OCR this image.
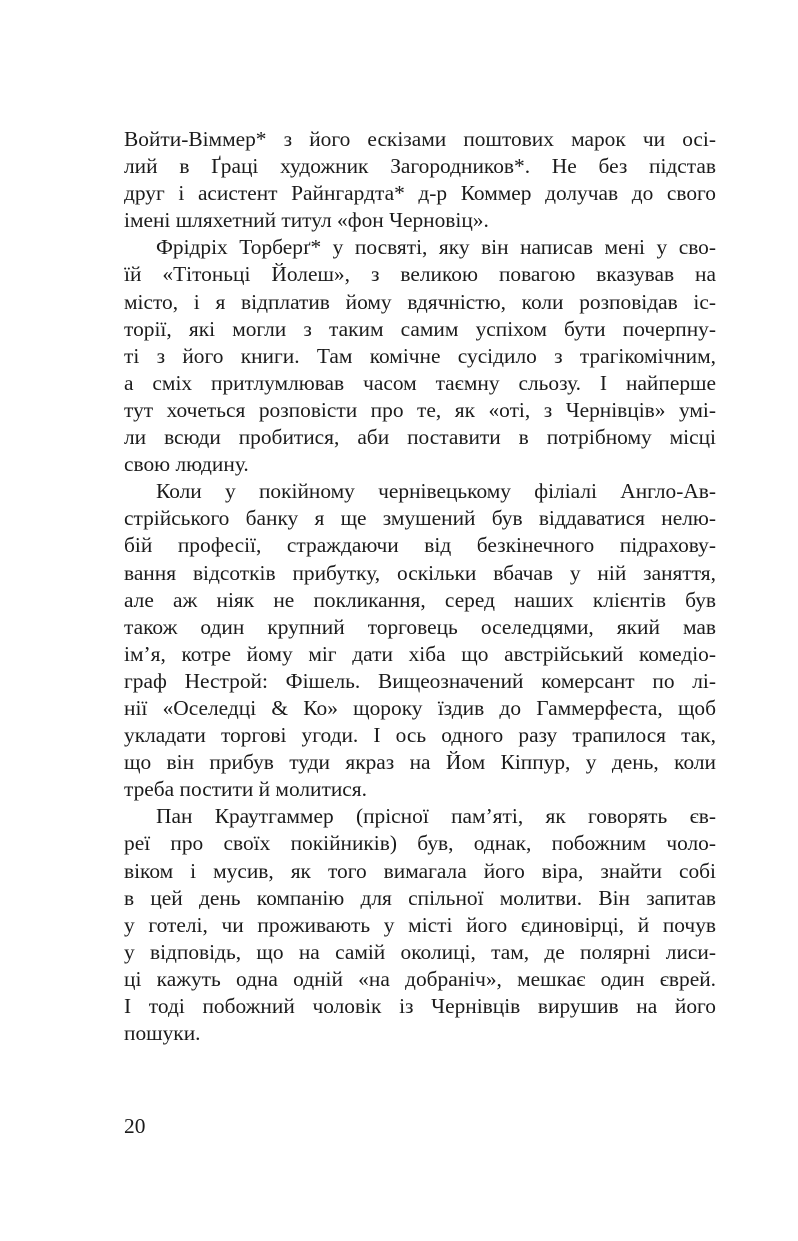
Войти-Віммер* з його ескізами поштових марок чи осі-
лий в Ґраці художник Загородников*. Не без підстав
друг і асистент Райнгардта* д-р Коммер долучав до свого
імені шляхетний титул «фон Черновіц».

Фрідріх Торберґ* у посвяті, яку він написав мені у сво-
їй «Тітоньці Йолеш», з великою повагою вказував на
місто, і я відплатив йому вдячністю, коли розповідав іс-
торії, які могли з таким самим успіхом бути почерпну-
ті з його книги. Там комічне сусідило з трагікомічним,
а сміх притлумлював часом таємну сльозу. І найперше
тут хочеться розповісти про те, як «оті, з Чернівців» умі-
ли всюди пробитися, аби поставити в потрібному місці
свою людину.

Коли у покійному чернівецькому філіалі Англо-Ав-
стрійського банку я ще змушений був віддаватися нелю-
бій професії, страждаючи від безкінечного підрахову-
вання відсотків прибутку, оскільки вбачав у ній заняття,
але аж ніяк не покликання, серед наших клієнтів був
також один крупний торговець оселедцями, який мав
ім’я, котре йому міг дати хіба що австрійський комедіо-
граф Нестрой: Фішель. Вищеозначений комерсант по лі-
нії «Оселедці & Ко» щороку їздив до Гаммерфеста, щоб
укладати торгові угоди. І ось одного разу трапилося так,
що він прибув туди якраз на Йом Кіппур, у день, коли
треба постити й молитися.

Пан Краутгаммер (прісної пам’яті, як говорять єв-
реї про своїх покійників) був, однак, побожним чоло-
віком і мусив, як того вимагала його віра, знайти собі
в цей день компанію для спільної молитви. Він запитав
у готелі, чи проживають у місті його єдиновірці, й почув
у відповідь, що на самій околиці, там, де полярні лиси-
ці кажуть одна одній «на добраніч», мешкає один єврей.
І тоді побожний чоловік із Чернівців вирушив на його
пошуки.

20
